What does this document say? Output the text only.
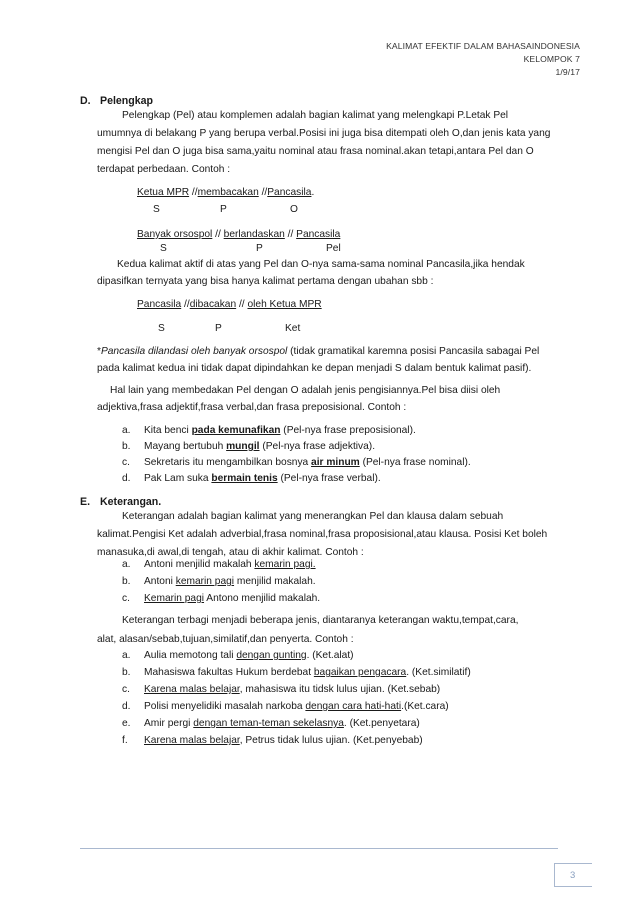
KALIMAT EFEKTIF DALAM BAHASAINDONESIA
KELOMPOK 7
1/9/17
D. Pelengkap
Pelengkap (Pel) atau komplemen adalah bagian kalimat yang melengkapi P.Letak Pel
umumnya di belakang P yang berupa verbal.Posisi ini juga bisa ditempati oleh O,dan jenis kata yang
mengisi Pel dan O juga bisa sama,yaitu nominal atau frasa nominal.akan tetapi,antara Pel dan O
terdapat perbedaan. Contoh :
Ketua MPR //membacakan //Pancasila.
S	P	O
Banyak orsospol // berlandaskan // Pancasila
S	P	Pel
Kedua kalimat aktif di atas yang Pel dan O-nya sama-sama nominal Pancasila,jika hendak
dipasifkan ternyata yang bisa hanya kalimat pertama dengan ubahan sbb :
Pancasila //dibacakan // oleh Ketua MPR
S	P	Ket
*Pancasila dilandasi oleh banyak orsospol (tidak gramatikal karemna posisi Pancasila sabagai Pel
pada kalimat kedua ini tidak dapat dipindahkan ke depan menjadi S dalam bentuk kalimat pasif).
Hal lain yang membedakan Pel dengan O adalah jenis pengisiannya.Pel bisa diisi oleh
adjektiva,frasa adjektif,frasa verbal,dan frasa preposisional. Contoh :
a. Kita benci pada kemunafikan (Pel-nya frase preposisional).
b. Mayang bertubuh mungil (Pel-nya frase adjektiva).
c. Sekretaris itu mengambilkan bosnya air minum (Pel-nya frase nominal).
d. Pak Lam suka bermain tenis (Pel-nya frase verbal).
E. Keterangan.
Keterangan adalah bagian kalimat yang menerangkan Pel dan klausa dalam sebuah
kalimat.Pengisi Ket adalah adverbial,frasa nominal,frasa proposisional,atau klausa. Posisi Ket boleh
manasuka,di awal,di tengah, atau di akhir kalimat. Contoh :
a. Antoni menjilid makalah kemarin pagi.
b. Antoni kemarin pagi menjilid makalah.
c. Kemarin pagi Antono menjilid makalah.
Keterangan terbagi menjadi beberapa jenis, diantaranya keterangan waktu,tempat,cara,
alat, alasan/sebab,tujuan,similatif,dan penyerta. Contoh :
a. Aulia memotong tali dengan gunting. (Ket.alat)
b. Mahasiswa fakultas Hukum berdebat bagaikan pengacara. (Ket.similatif)
c. Karena malas belajar, mahasiswa itu tidsk lulus ujian. (Ket.sebab)
d. Polisi menyelidiki masalah narkoba dengan cara hati-hati.(Ket.cara)
e. Amir pergi dengan teman-teman sekelasnya. (Ket.penyetara)
f. Karena malas belajar, Petrus tidak lulus ujian. (Ket.penyebab)
3
